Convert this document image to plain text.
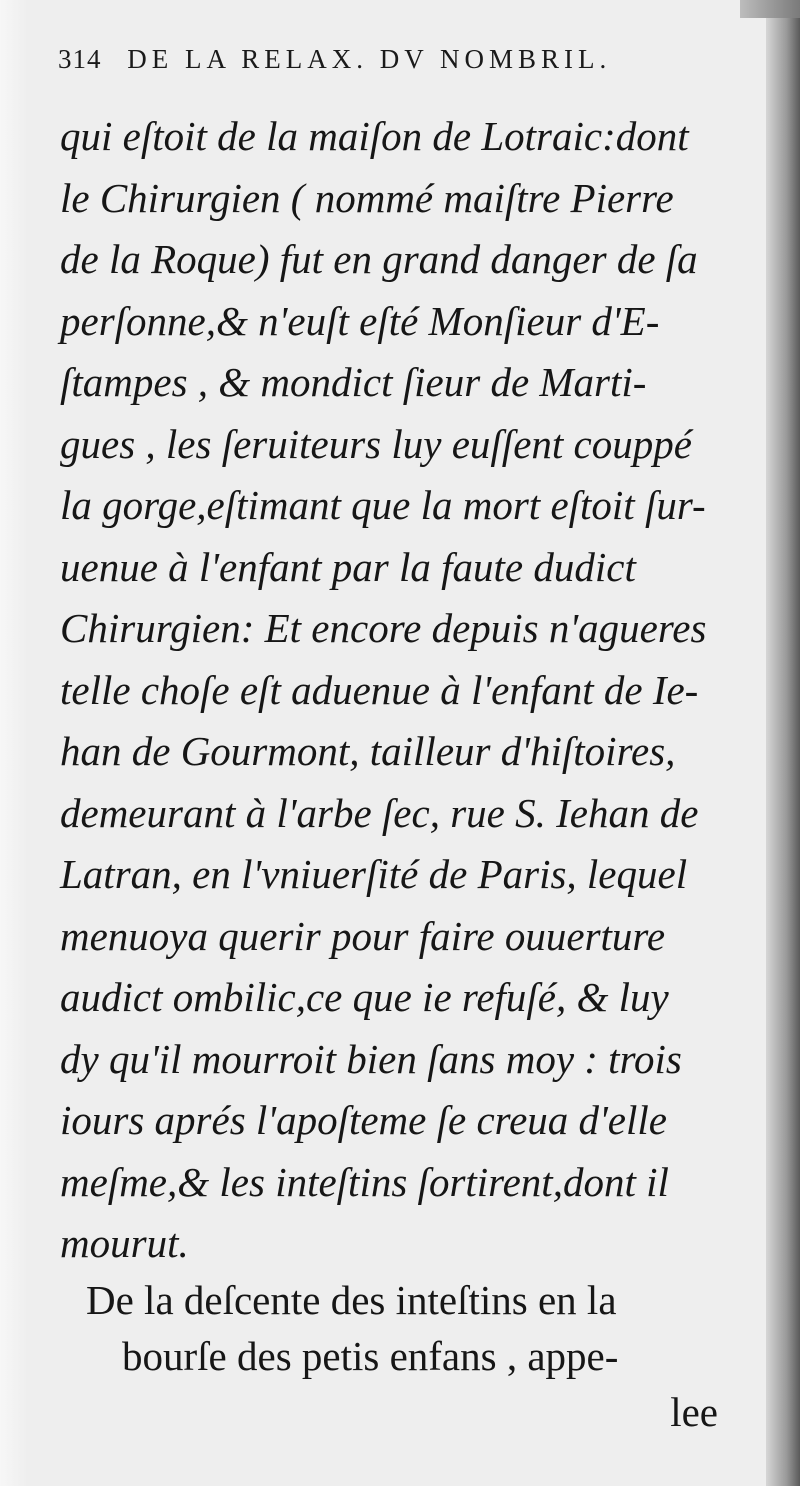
314 DE LA RELAX. DV NOMBRIL.
qui eſtoit de la maiſon de Lotraic:dont
le Chirurgien ( nommé maiſtre Pierre
de la Roque) fut en grand danger de ſa
perſonne,& n'euſt eſté Monſieur d'E-
ſtampes , & mondict ſieur de Marti-
gues , les ſeruiteurs luy euſſent couppé
la gorge,eſtimant que la mort eſtoit ſur-
uenue à l'enfant par la faute dudict
Chirurgien: Et encore depuis n'agueres
telle choſe eſt aduenue à l'enfant de Ie-
han de Gourmont, tailleur d'hiſtoires,
demeurant à l'arbe ſec, rue S. Iehan de
Latran, en l'vniuerſité de Paris, lequel
menuoya querir pour faire ouuerture
audict ombilic,ce que ie refuſé, & luy
dy qu'il mourroit bien ſans moy : trois
iours aprés l'apoſteme ſe creua d'elle
meſme,& les inteſtins ſortirent,dont il
mourut.
De la deſcente des inteſtins en la
bourſe des petis enfans , appe-
lee
